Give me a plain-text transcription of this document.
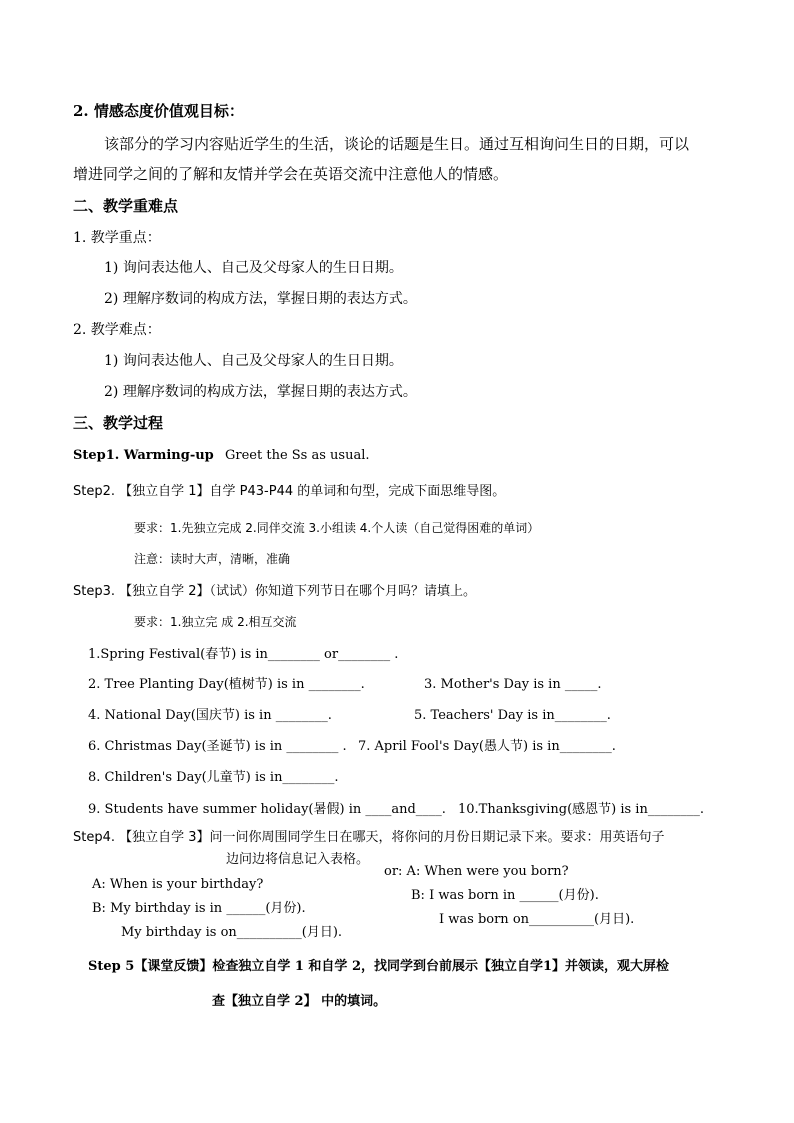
2. 情感态度价值观目标：
该部分的学习内容贴近学生的生活，谈论的话题是生日。通过互相询问生日的日期，可以
增进同学之间的了解和友情并学会在英语交流中注意他人的情感。
二、教学重难点
1. 教学重点：
1) 询问表达他人、自己及父母家人的生日日期。
2) 理解序数词的构成方法，掌握日期的表达方式。
2. 教学难点：
1) 询问表达他人、自己及父母家人的生日日期。
2) 理解序数词的构成方法，掌握日期的表达方式。
三、教学过程
Step1. Warming-up Greet the Ss as usual.
Step2. 【独立自学 1】自学 P43-P44 的单词和句型，完成下面思维导图。
要求：1.先独立完成 2.同伴交流 3.小组读 4.个人读（自己觉得困难的单词）
注意：读时大声，清晰，准确
Step3. 【独立自学 2】（试试）你知道下列节日在哪个月吗？请填上。
要求：1.独立完 成 2.相互交流
1.Spring Festival(春节) is in________ or________ .
2. Tree Planting Day(植树节) is in ________.	3. Mother's Day is in _____.
4. National Day(国庆节) is in ________.	5. Teachers' Day is in________.
6. Christmas Day(圣诞节) is in ________ . 7. April Fool's Day(愚人节) is in________.
8. Children's Day(儿童节) is in________.
9. Students have summer holiday(暑假) in ____and____. 10.Thanksgiving(感恩节) is in________.
Step4. 【独立自学 3】问一问你周围同学生日在哪天，将你问的月份日期记录下来。要求：用英语句子
边问边将信息记入表格。
A: When is your birthday?
B: My birthday is in ______(月份).
My birthday is on__________(月日).
or: A: When were you born?
B: I was born in ______(月份).
I was born on__________(月日).
Step 5【课堂反馈】检查独立自学 1 和自学 2，找同学到台前展示【独立自学1】并领读，观大屏检
查【独立自学 2】 中的填词。
